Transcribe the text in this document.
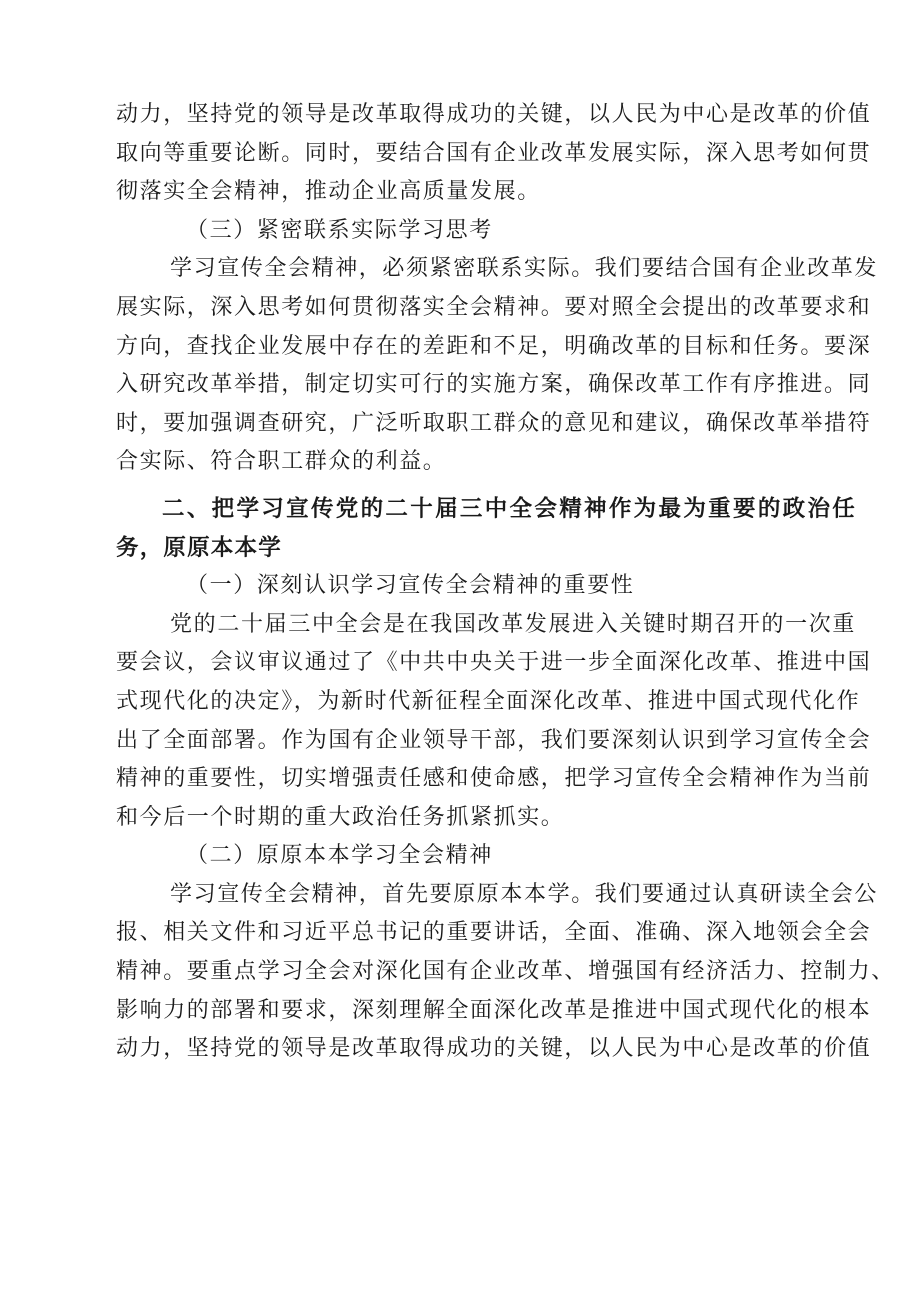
动力，坚持党的领导是改革取得成功的关键，以人民为中心是改革的价值
取向等重要论断。同时，要结合国有企业改革发展实际，深入思考如何贯
彻落实全会精神，推动企业高质量发展。
（三）紧密联系实际学习思考
学习宣传全会精神，必须紧密联系实际。我们要结合国有企业改革发
展实际，深入思考如何贯彻落实全会精神。要对照全会提出的改革要求和
方向，查找企业发展中存在的差距和不足，明确改革的目标和任务。要深
入研究改革举措，制定切实可行的实施方案，确保改革工作有序推进。同
时，要加强调查研究，广泛听取职工群众的意见和建议，确保改革举措符
合实际、符合职工群众的利益。
二、把学习宣传党的二十届三中全会精神作为最为重要的政治任
务，原原本本学
（一）深刻认识学习宣传全会精神的重要性
党的二十届三中全会是在我国改革发展进入关键时期召开的一次重
要会议，会议审议通过了《中共中央关于进一步全面深化改革、推进中国
式现代化的决定》，为新时代新征程全面深化改革、推进中国式现代化作
出了全面部署。作为国有企业领导干部，我们要深刻认识到学习宣传全会
精神的重要性，切实增强责任感和使命感，把学习宣传全会精神作为当前
和今后一个时期的重大政治任务抓紧抓实。
（二）原原本本学习全会精神
学习宣传全会精神，首先要原原本本学。我们要通过认真研读全会公
报、相关文件和习近平总书记的重要讲话，全面、准确、深入地领会全会
精神。要重点学习全会对深化国有企业改革、增强国有经济活力、控制力、
影响力的部署和要求，深刻理解全面深化改革是推进中国式现代化的根本
动力，坚持党的领导是改革取得成功的关键，以人民为中心是改革的价值
